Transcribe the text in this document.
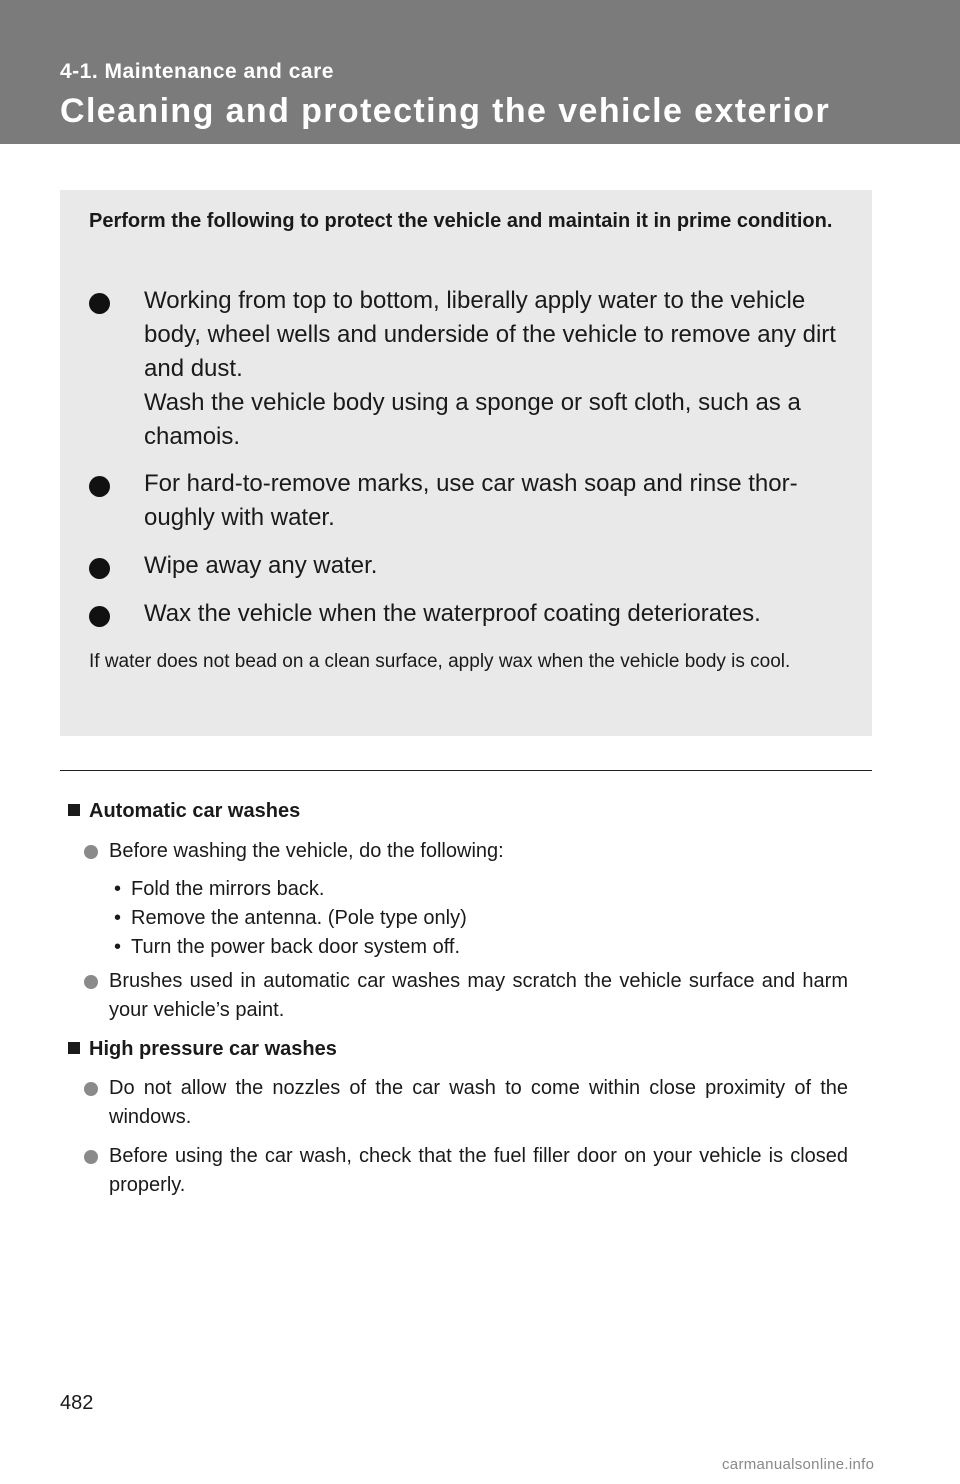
4-1. Maintenance and care
Cleaning and protecting the vehicle exterior
Perform the following to protect the vehicle and maintain it in prime condition.
Working from top to bottom, liberally apply water to the vehicle body, wheel wells and underside of the vehicle to remove any dirt and dust.
Wash the vehicle body using a sponge or soft cloth, such as a chamois.
For hard-to-remove marks, use car wash soap and rinse thor-oughly with water.
Wipe away any water.
Wax the vehicle when the waterproof coating deteriorates.
If water does not bead on a clean surface, apply wax when the vehicle body is cool.
Automatic car washes
Before washing the vehicle, do the following:
• Fold the mirrors back.
• Remove the antenna. (Pole type only)
• Turn the power back door system off.
Brushes used in automatic car washes may scratch the vehicle surface and harm your vehicle’s paint.
High pressure car washes
Do not allow the nozzles of the car wash to come within close proximity of the windows.
Before using the car wash, check that the fuel filler door on your vehicle is closed properly.
482
carmanualsonline.info
